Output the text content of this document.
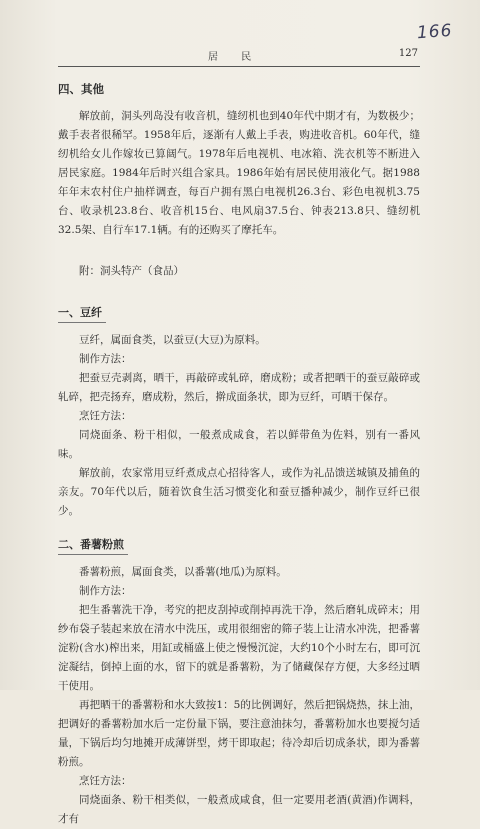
166
居 民	127

四、其他

解放前，洞头列岛没有收音机，缝纫机也到40年代中期才有，为数极少；戴手表者很稀罕。1958年后，逐渐有人戴上手表，购进收音机。60年代，缝纫机给女儿作嫁妆已算阔气。1978年后电视机、电冰箱、洗衣机等不断进入居民家庭。1984年后时兴组合家具。1986年始有居民使用液化气。据1988年年末农村住户抽样调查，每百户拥有黑白电视机26.3台、彩色电视机3.75台、收录机23.8台、收音机15台、电风扇37.5台、钟表213.8只、缝纫机32.5架、自行车17.1辆。有的还购买了摩托车。

附：洞头特产（食品）

一、豆纤

豆纤，属面食类，以蚕豆(大豆)为原料。

制作方法：

把蚕豆壳剥离，晒干，再敲碎或轧碎，磨成粉；或者把晒干的蚕豆敲碎或轧碎，把壳扬弃，磨成粉，然后，擀成面条状，即为豆纤，可晒干保存。

烹饪方法：

同烧面条、粉干相似，一般煮成咸食，若以鲜带鱼为佐料，别有一番风味。

解放前，农家常用豆纤煮成点心招待客人，或作为礼品馈送城镇及捕鱼的亲友。70年代以后，随着饮食生活习惯变化和蚕豆播种减少，制作豆纤已很少。

二、番薯粉煎

番薯粉煎，属面食类，以番薯(地瓜)为原料。

制作方法：

把生番薯洗干净，考究的把皮刮掉或削掉再洗干净，然后磨轧成碎末；用纱布袋子装起来放在清水中洗压，或用很细密的筛子装上让清水冲洗，把番薯淀粉(含水)榨出来，用缸或桶盛上使之慢慢沉淀，大约10个小时左右，即可沉淀凝结，倒掉上面的水，留下的就是番薯粉，为了储藏保存方便，大多经过晒干使用。

再把晒干的番薯粉和水大致按1：5的比例调好，然后把锅烧热，抹上油，把调好的番薯粉加水后一定份量下锅，要注意油抹匀，番薯粉加水也要搅匀适量，下锅后均匀地摊开成薄饼型，烤干即取起；待冷却后切成条状，即为番薯粉煎。

烹饪方法：

同烧面条、粉干相类似，一般煮成咸食，但一定要用老酒(黄酒)作调料，才有
